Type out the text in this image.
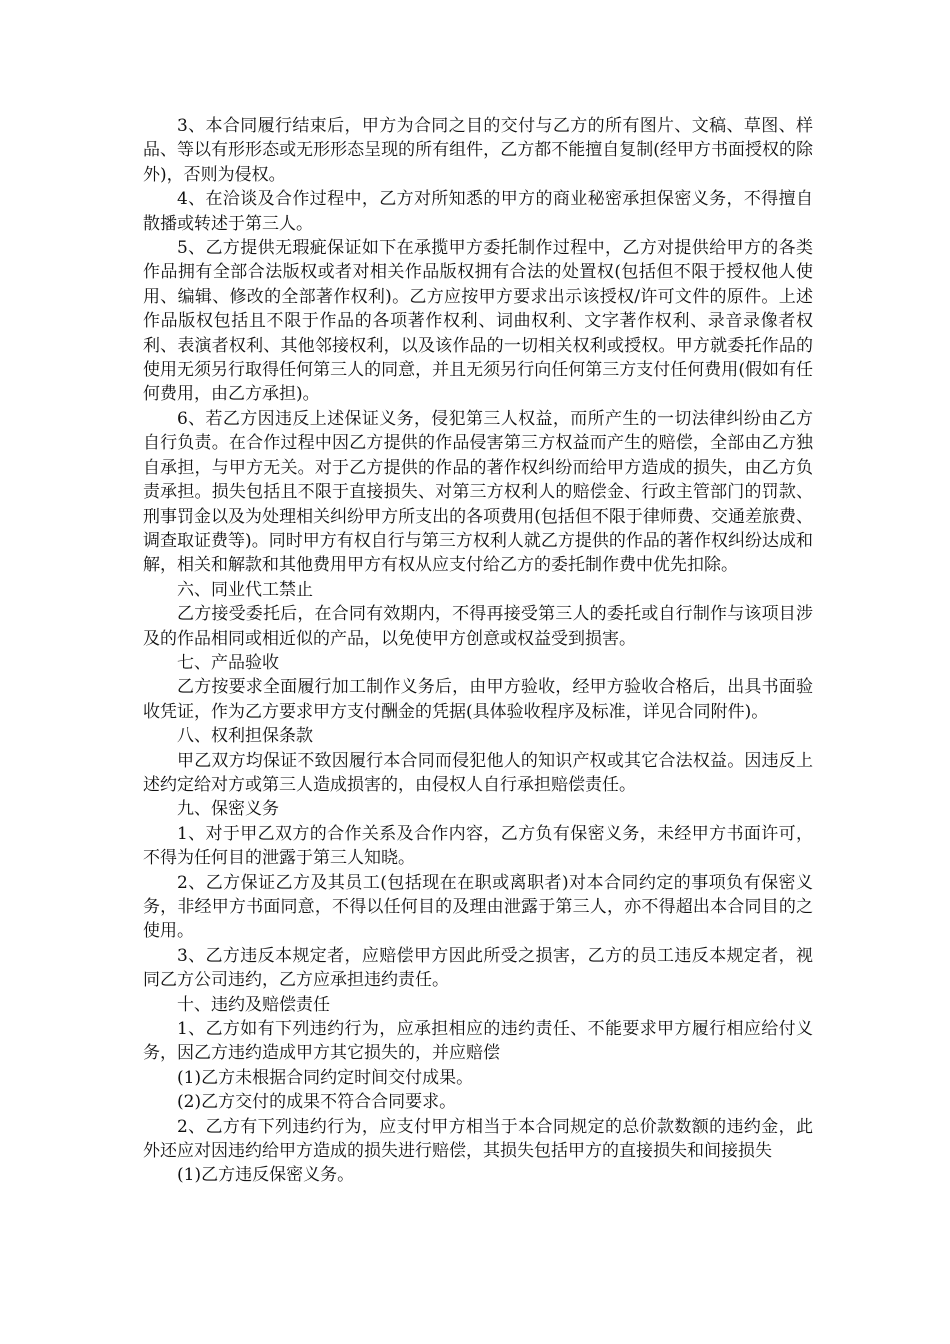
3、本合同履行结束后，甲方为合同之目的交付与乙方的所有图片、文稿、草图、样品、等以有形形态或无形形态呈现的所有组件，乙方都不能擅自复制(经甲方书面授权的除外)，否则为侵权。

4、在洽谈及合作过程中，乙方对所知悉的甲方的商业秘密承担保密义务，不得擅自散播或转述于第三人。

5、乙方提供无瑕疵保证如下在承揽甲方委托制作过程中，乙方对提供给甲方的各类作品拥有全部合法版权或者对相关作品版权拥有合法的处置权(包括但不限于授权他人使用、编辑、修改的全部著作权利)。乙方应按甲方要求出示该授权/许可文件的原件。上述作品版权包括且不限于作品的各项著作权利、词曲权利、文字著作权利、录音录像者权利、表演者权利、其他邻接权利，以及该作品的一切相关权利或授权。甲方就委托作品的使用无须另行取得任何第三人的同意，并且无须另行向任何第三方支付任何费用(假如有任何费用，由乙方承担)。

6、若乙方因违反上述保证义务，侵犯第三人权益，而所产生的一切法律纠纷由乙方自行负责。在合作过程中因乙方提供的作品侵害第三方权益而产生的赔偿，全部由乙方独自承担，与甲方无关。对于乙方提供的作品的著作权纠纷而给甲方造成的损失，由乙方负责承担。损失包括且不限于直接损失、对第三方权利人的赔偿金、行政主管部门的罚款、刑事罚金以及为处理相关纠纷甲方所支出的各项费用(包括但不限于律师费、交通差旅费、调查取证费等)。同时甲方有权自行与第三方权利人就乙方提供的作品的著作权纠纷达成和解，相关和解款和其他费用甲方有权从应支付给乙方的委托制作费中优先扣除。

六、同业代工禁止

乙方接受委托后，在合同有效期内，不得再接受第三人的委托或自行制作与该项目涉及的作品相同或相近似的产品，以免使甲方创意或权益受到损害。

七、产品验收

乙方按要求全面履行加工制作义务后，由甲方验收，经甲方验收合格后，出具书面验收凭证，作为乙方要求甲方支付酬金的凭据(具体验收程序及标准，详见合同附件)。

八、权利担保条款

甲乙双方均保证不致因履行本合同而侵犯他人的知识产权或其它合法权益。因违反上述约定给对方或第三人造成损害的，由侵权人自行承担赔偿责任。

九、保密义务

1、对于甲乙双方的合作关系及合作内容，乙方负有保密义务，未经甲方书面许可，不得为任何目的泄露于第三人知晓。

2、乙方保证乙方及其员工(包括现在在职或离职者)对本合同约定的事项负有保密义务，非经甲方书面同意，不得以任何目的及理由泄露于第三人，亦不得超出本合同目的之使用。

3、乙方违反本规定者，应赔偿甲方因此所受之损害，乙方的员工违反本规定者，视同乙方公司违约，乙方应承担违约责任。

十、违约及赔偿责任

1、乙方如有下列违约行为，应承担相应的违约责任、不能要求甲方履行相应给付义务，因乙方违约造成甲方其它损失的，并应赔偿

(1)乙方未根据合同约定时间交付成果。

(2)乙方交付的成果不符合合同要求。

2、乙方有下列违约行为，应支付甲方相当于本合同规定的总价款数额的违约金，此外还应对因违约给甲方造成的损失进行赔偿，其损失包括甲方的直接损失和间接损失

(1)乙方违反保密义务。
